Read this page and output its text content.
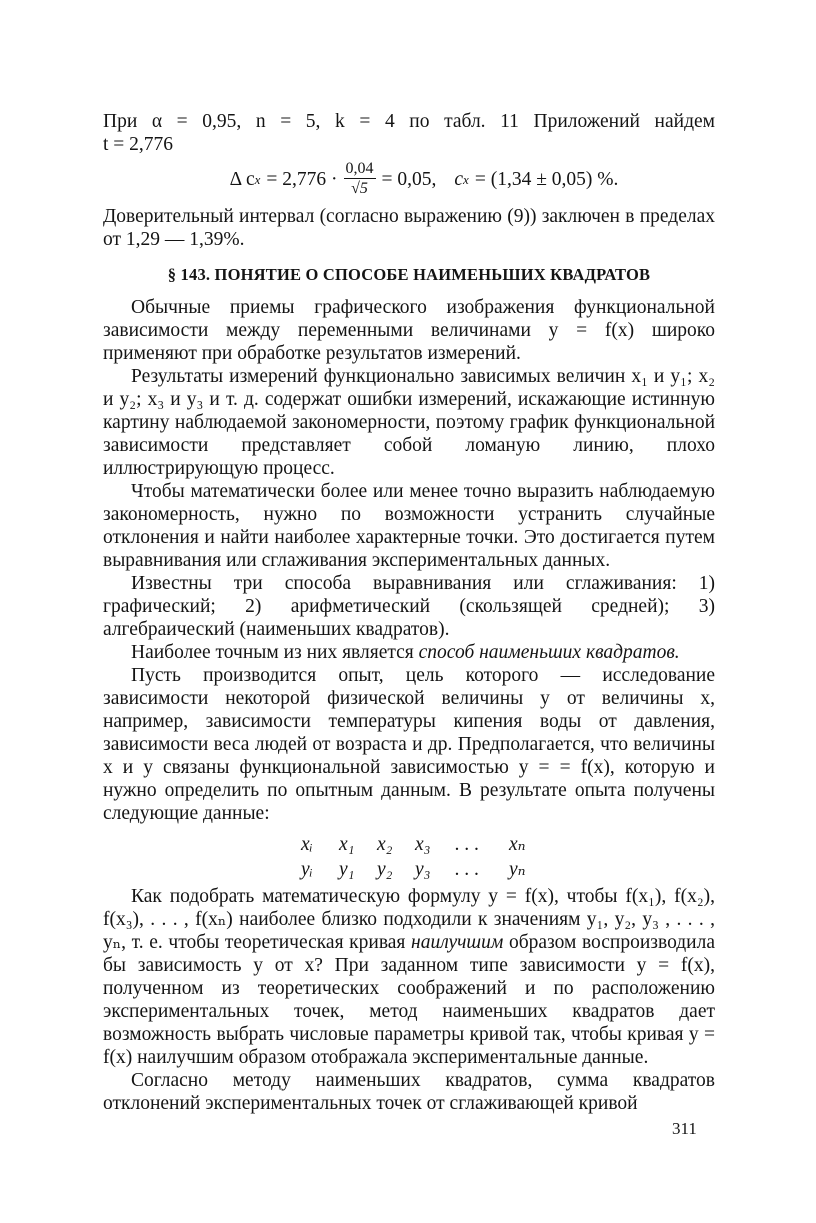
При α = 0,95, n = 5, k = 4 по табл. 11 Приложений найдем

t = 2,776

Δ c $x = 2,776 \cdot \frac{0,04}{√5} = 0,05$, c x = (1,34 ± 0,05) %.

Доверительный интервал (согласно выражению (9)) заключен в пределах от 1,29 — 1,39%.

§ 143. ПОНЯТИЕ О СПОСОБЕ НАИМЕНЬШИХ КВАДРАТОВ

Обычные приемы графического изображения функциональной зависимости между переменными величинами y = f(x) широко применяют при обработке результатов измерений.

Результаты измерений функционально зависимых величин x₁ и y₁; x₂ и y₂; x₃ и y₃ и т. д. содержат ошибки измерений, искажающие истинную картину наблюдаемой закономерности, поэтому график функциональной зависимости представляет собой ломаную линию, плохо иллюстрирующую процесс.

Чтобы математически более или менее точно выразить наблюдаемую закономерность, нужно по возможности устранить случайные отклонения и найти наиболее характерные точки. Это достигается путем выравнивания или сглаживания экспериментальных данных.

Известны три способа выравнивания или сглаживания: 1) графический; 2) арифметический (скользящей средней); 3) алгебраический (наименьших квадратов).

Наиболее точным из них является способ наименьших квадратов.

Пусть производится опыт, цель которого — исследование зависимости некоторой физической величины y от величины x, например, зависимости температуры кипения воды от давления, зависимости веса людей от возраста и др. Предполагается, что величины x и y связаны функциональной зависимостью y = = f(x), которую и нужно определить по опытным данным. В результате опыта получены следующие данные:

xᵢ	x₁	x₂	x₃	. . .	xₙ
yᵢ	y₁	y₂	y₃	. . .	yₙ

Как подобрать математическую формулу y = f(x), чтобы f(x₁), f(x₂), f(x₃), . . . , f(xₙ) наиболее близко подходили к значениям y₁, y₂, y₃ , . . . , yₙ, т. е. чтобы теоретическая кривая наилучшим образом воспроизводила бы зависимость y от x? При заданном типе зависимости y = f(x), полученном из теоретических соображений и по расположению экспериментальных точек, метод наименьших квадратов дает возможность выбрать числовые параметры кривой так, чтобы кривая y = f(x) наилучшим образом отображала экспериментальные данные.

Согласно методу наименьших квадратов, сумма квадратов отклонений экспериментальных точек от сглаживающей кривой

311
